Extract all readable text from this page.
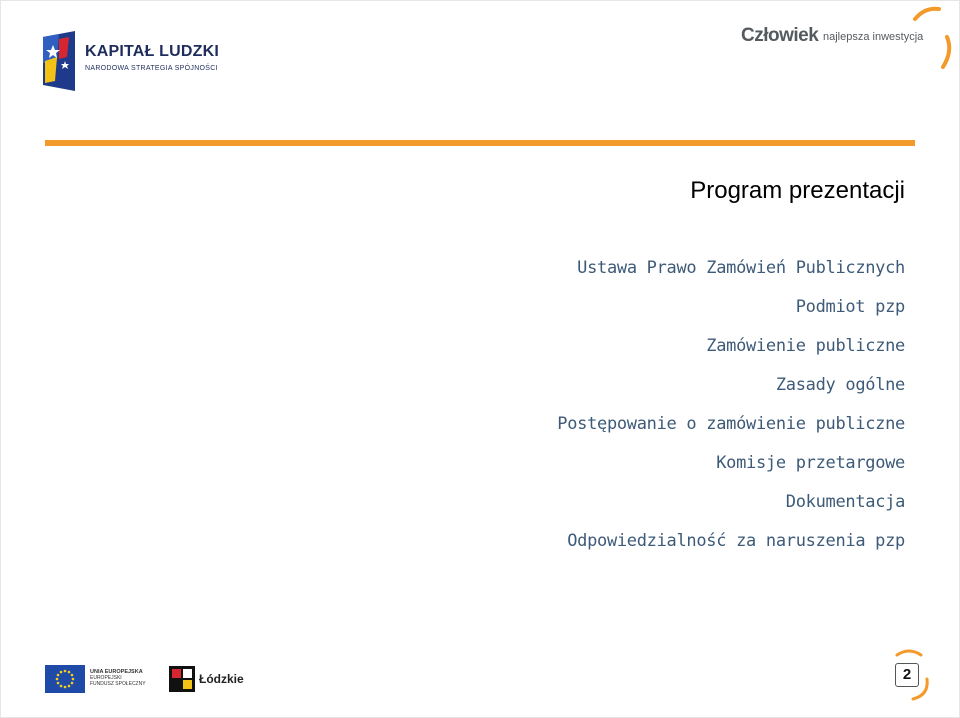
KAPITAŁ LUDZKI
NARODOWA STRATEGIA SPÓJNOŚCI
Człowiek najlepsza inwestycja
Program prezentacji
Ustawa Prawo Zamówień Publicznych
Podmiot pzp
Zamówienie publiczne
Zasady ogólne
Postępowanie o zamówienie publiczne
Komisje przetargowe
Dokumentacja
Odpowiedzialność za naruszenia pzp
UNIA EUROPEJSKA
EUROPEJSKI
FUNDUSZ SPOŁECZNY	Łódzkie	2
